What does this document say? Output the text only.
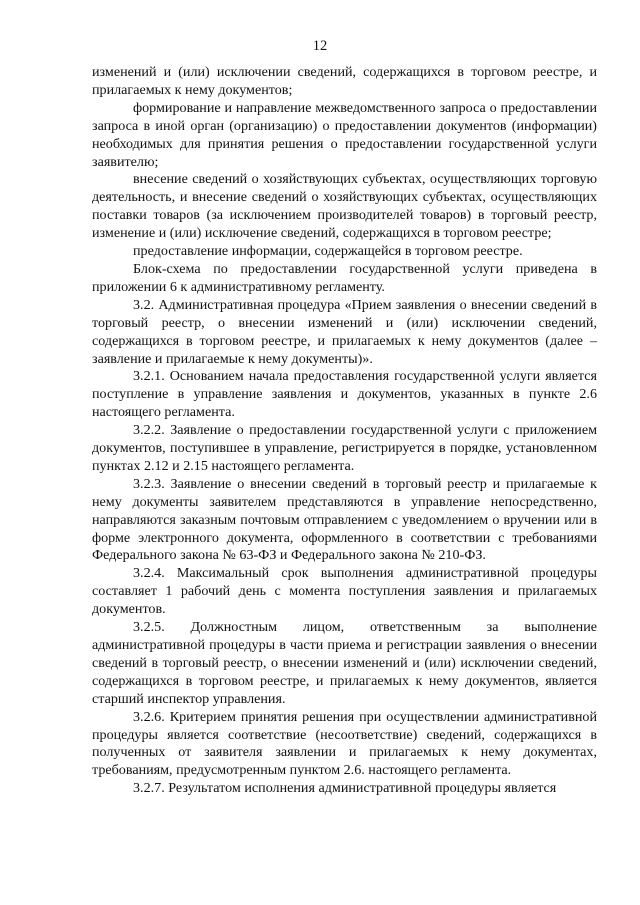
12

изменений и (или) исключении сведений, содержащихся в торговом реестре, и прилагаемых к нему документов;

формирование и направление межведомственного запроса о предоставлении запроса в иной орган (организацию) о предоставлении документов (информации) необходимых для принятия решения о предоставлении государственной услуги заявителю;

внесение сведений о хозяйствующих субъектах, осуществляющих торговую деятельность, и внесение сведений о хозяйствующих субъектах, осуществляющих поставки товаров (за исключением производителей товаров) в торговый реестр, изменение и (или) исключение сведений, содержащихся в торговом реестре;

предоставление информации, содержащейся в торговом реестре.

Блок-схема по предоставлении государственной услуги приведена в приложении 6 к административному регламенту.

3.2. Административная процедура «Прием заявления о внесении сведений в торговый реестр, о внесении изменений и (или) исключении сведений, содержащихся в торговом реестре, и прилагаемых к нему документов (далее – заявление и прилагаемые к нему документы)».

3.2.1. Основанием начала предоставления государственной услуги является поступление в управление заявления и документов, указанных в пункте 2.6 настоящего регламента.

3.2.2. Заявление о предоставлении государственной услуги с приложением документов, поступившее в управление, регистрируется в порядке, установленном пунктах 2.12 и 2.15 настоящего регламента.

3.2.3. Заявление о внесении сведений в торговый реестр и прилагаемые к нему документы заявителем представляются в управление непосредственно, направляются заказным почтовым отправлением с уведомлением о вручении или в форме электронного документа, оформленного в соответствии с требованиями Федерального закона № 63-ФЗ и Федерального закона № 210-ФЗ.

3.2.4. Максимальный срок выполнения административной процедуры составляет 1 рабочий день с момента поступления заявления и прилагаемых документов.

3.2.5. Должностным лицом, ответственным за выполнение административной процедуры в части приема и регистрации заявления о внесении сведений в торговый реестр, о внесении изменений и (или) исключении сведений, содержащихся в торговом реестре, и прилагаемых к нему документов, является старший инспектор управления.

3.2.6. Критерием принятия решения при осуществлении административной процедуры является соответствие (несоответствие) сведений, содержащихся в полученных от заявителя заявлении и прилагаемых к нему документах, требованиям, предусмотренным пунктом 2.6. настоящего регламента.

3.2.7. Результатом исполнения административной процедуры является
